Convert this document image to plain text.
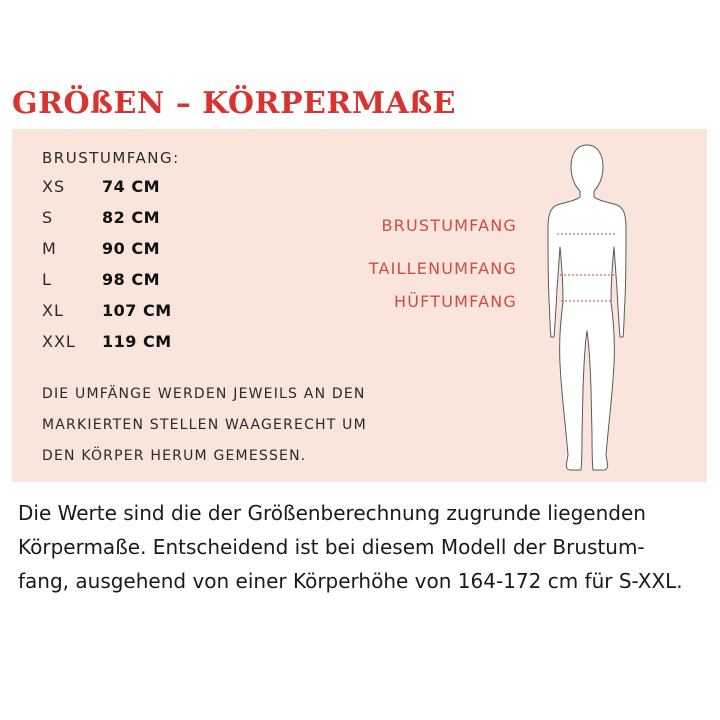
GRÖßEN – KÖRPERMAßE
BRUSTUMFANG:
XS 74 CM
S	82 CM
M	90 CM
L	98 CM
XL 107 CM
XXL 119 CM
DIE UMFÄNGE WERDEN JEWEILS AN DEN
MARKIERTEN STELLEN WAAGERECHT UM
DEN KÖRPER HERUM GEMESSEN.
BRUSTUMFANG
TAILLENUMFANG
HÜFTUMFANG
Die Werte sind die der Größenberechnung zugrunde liegenden
Körpermaße. Entscheidend ist bei diesem Modell der Brustum-
fang, ausgehend von einer Körperhöhe von 164-172 cm für S-XXL.
